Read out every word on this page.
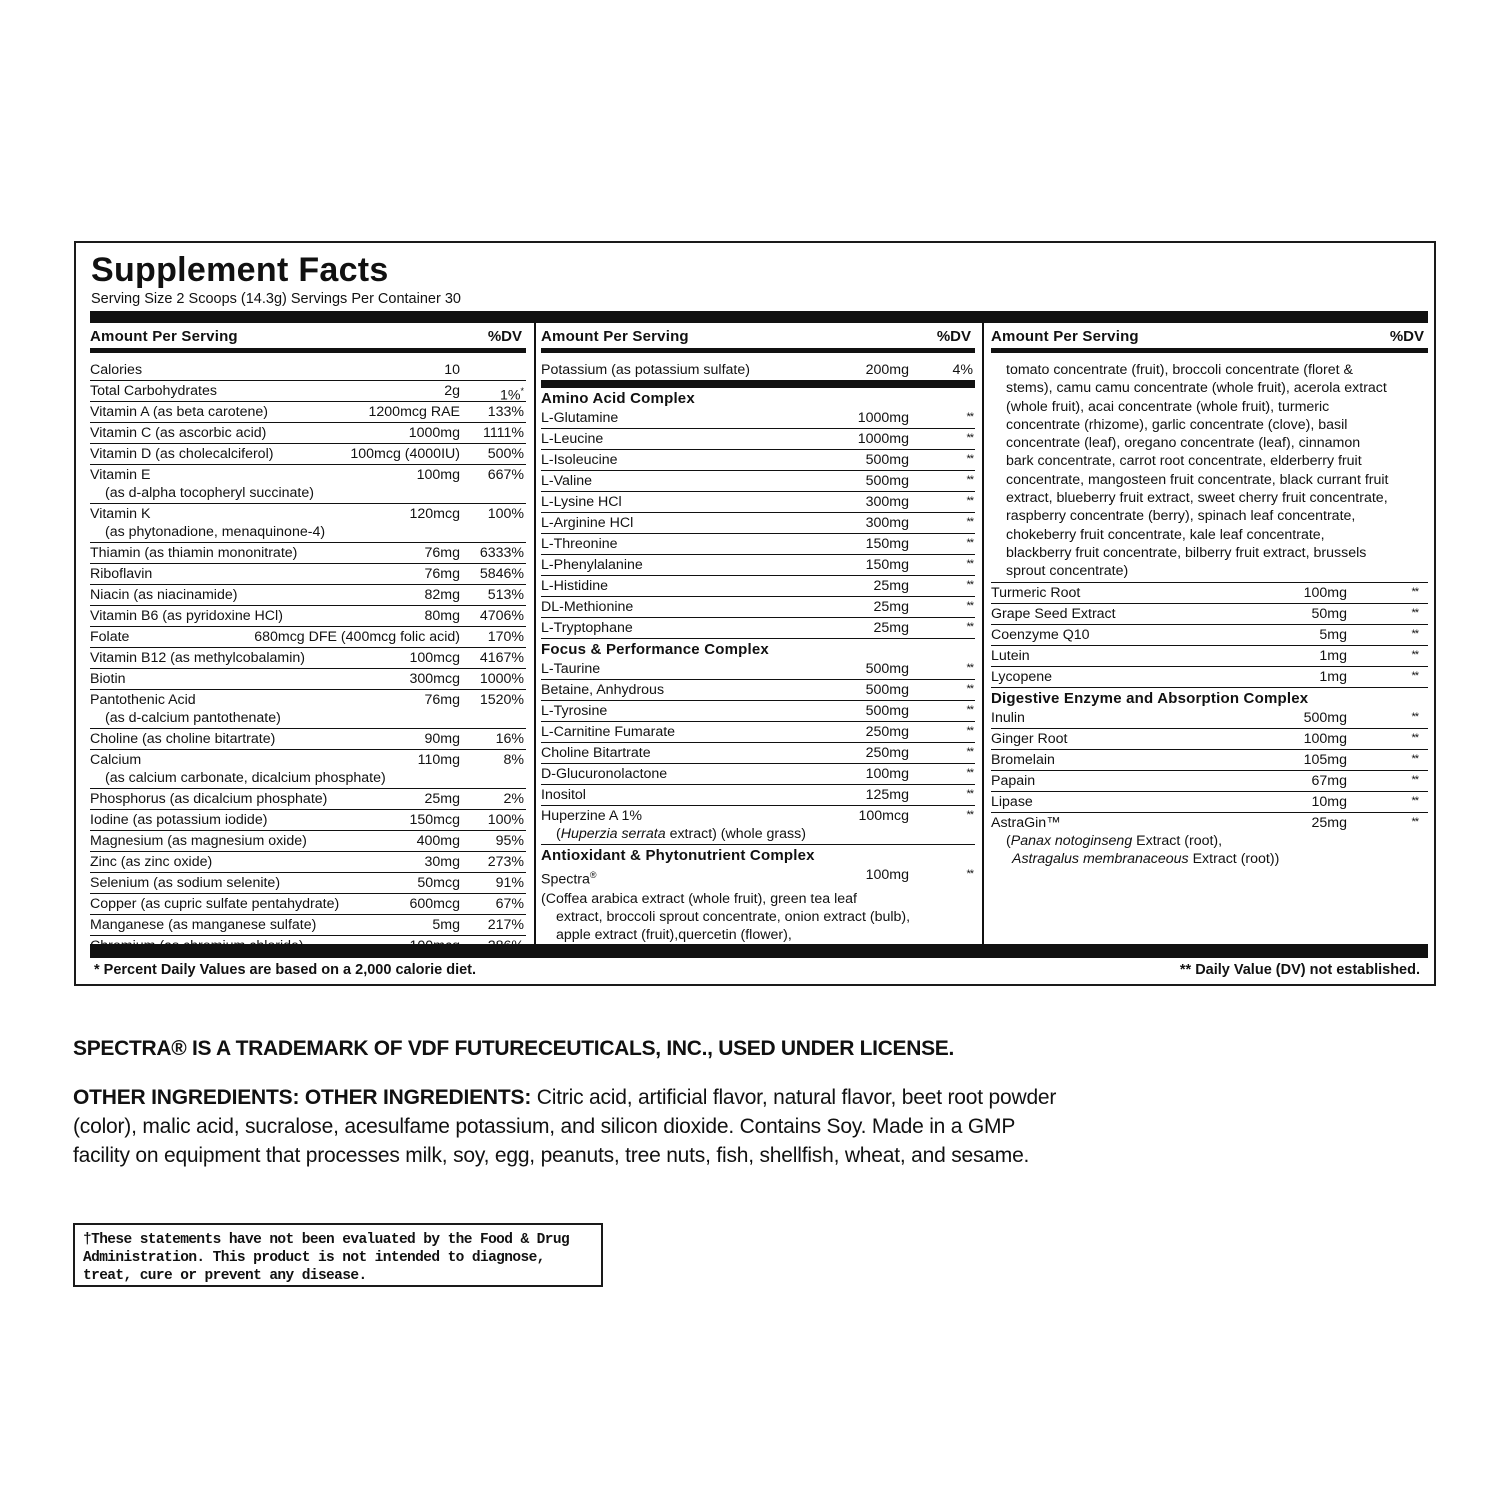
Supplement Facts
Serving Size 2 Scoops (14.3g) Servings Per Container 30
Amount Per Serving	%DV
Calories	10
Total Carbohydrates	2g	1%*
Vitamin A (as beta carotene)	1200mcg RAE 133%
Vitamin C (as ascorbic acid)	1000mg 1111%
Vitamin D (as cholecalciferol)	100mcg (4000IU) 500%
Vitamin E	100mg 667%
(as d-alpha tocopheryl succinate)
Vitamin K	120mcg 100%
(as phytonadione, menaquinone-4)
Thiamin (as thiamin mononitrate)	76mg 6333%
Riboflavin	76mg 5846%
Niacin (as niacinamide)	82mg 513%
Vitamin B6 (as pyridoxine HCl)	80mg 4706%
Folate	680mcg DFE (400mcg folic acid) 170%
Vitamin B12 (as methylcobalamin)	100mcg 4167%
Biotin	300mcg 1000%
Pantothenic Acid	76mg 1520%
(as d-calcium pantothenate)
Choline (as choline bitartrate)	90mg	16%
Calcium	110mg	8%
(as calcium carbonate, dicalcium phosphate)
Phosphorus (as dicalcium phosphate)	25mg	2%
Iodine (as potassium iodide)	150mcg 100%
Magnesium (as magnesium oxide)	400mg	95%
Zinc (as zinc oxide)	30mg 273%
Selenium (as sodium selenite)	50mcg	91%
Copper (as cupric sulfate pentahydrate)	600mcg	67%
Manganese (as manganese sulfate)	5mg 217%
Amount Per Serving	%DV
Potassium (as potassium sulfate)	200mg	4%
Amino Acid Complex
L-Glutamine	1000mg	**
L-Leucine	1000mg	**
L-Isoleucine	500mg	**
L-Valine	500mg	**
L-Lysine HCl	300mg	**
L-Arginine HCl	300mg	**
L-Threonine	150mg	**
L-Phenylalanine	150mg	**
L-Histidine	25mg	**
DL-Methionine	25mg	**
L-Tryptophane	25mg	**
Focus & Performance Complex
L-Taurine	500mg	**
Betaine, Anhydrous	500mg	**
L-Tyrosine	500mg	**
L-Carnitine Fumarate	250mg	**
Choline Bitartrate	250mg	**
D-Glucuronolactone	100mg	**
Inositol	125mg	**
Huperzine A 1%	100mcg	**
(Huperzia serrata extract) (whole grass)
Antioxidant & Phytonutrient Complex
Spectra®	100mg	**
(Coffea arabica extract (whole fruit), green tea leaf
extract, broccoli sprout concentrate, onion extract (bulb), apple extract (fruit),quercetin (flower),
Amount Per Serving	%DV
tomato concentrate (fruit), broccoli concentrate (floret & stems), camu camu concentrate (whole fruit), acerola extract (whole fruit), acai concentrate (whole fruit), turmeric concentrate (rhizome), garlic concentrate (clove), basil concentrate (leaf), oregano concentrate (leaf), cinnamon bark concentrate, carrot root concentrate, elderberry fruit concentrate, mangosteen fruit concentrate, black currant fruit extract, blueberry fruit extract, sweet cherry fruit concentrate, raspberry concentrate (berry), spinach leaf concentrate, chokeberry fruit concentrate, kale leaf concentrate, blackberry fruit concentrate, bilberry fruit extract, brussels sprout concentrate)
Turmeric Root	100mg	**
Grape Seed Extract	50mg	**
Coenzyme Q10	5mg	**
Lutein	1mg	**
Lycopene	1mg	**
Digestive Enzyme and Absorption Complex
Inulin	500mg	**
Ginger Root	100mg	**
Bromelain	105mg	**
Papain	67mg	**
Lipase	10mg	**
AstraGin™	25mg	**
(Panax notoginseng Extract (root),
Astragalus membranaceous Extract (root))
* Percent Daily Values are based on a 2,000 calorie diet.	** Daily Value (DV) not established.
SPECTRA® IS A TRADEMARK OF VDF FUTURECEUTICALS, INC., USED UNDER LICENSE.
OTHER INGREDIENTS: OTHER INGREDIENTS: Citric acid, artificial flavor, natural flavor, beet root powder (color), malic acid, sucralose, acesulfame potassium, and silicon dioxide. Contains Soy. Made in a GMP facility on equipment that processes milk, soy, egg, peanuts, tree nuts, fish, shellfish, wheat, and sesame.
†These statements have not been evaluated by the Food & Drug Administration. This product is not intended to diagnose, treat, cure or prevent any disease.
